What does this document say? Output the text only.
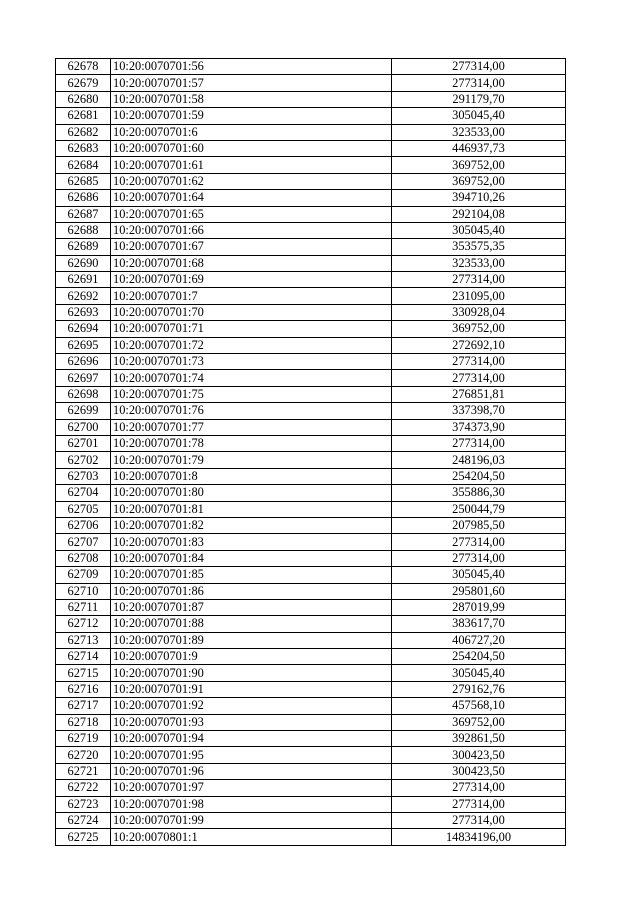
62678	10:20:0070701:56	277314,00
62679	10:20:0070701:57	277314,00
62680	10:20:0070701:58	291179,70
62681	10:20:0070701:59	305045,40
62682	10:20:0070701:6	323533,00
62683	10:20:0070701:60	446937,73
62684	10:20:0070701:61	369752,00
62685	10:20:0070701:62	369752,00
62686	10:20:0070701:64	394710,26
62687	10:20:0070701:65	292104,08
62688	10:20:0070701:66	305045,40
62689	10:20:0070701:67	353575,35
62690	10:20:0070701:68	323533,00
62691	10:20:0070701:69	277314,00
62692	10:20:0070701:7	231095,00
62693	10:20:0070701:70	330928,04
62694	10:20:0070701:71	369752,00
62695	10:20:0070701:72	272692,10
62696	10:20:0070701:73	277314,00
62697	10:20:0070701:74	277314,00
62698	10:20:0070701:75	276851,81
62699	10:20:0070701:76	337398,70
62700	10:20:0070701:77	374373,90
62701	10:20:0070701:78	277314,00
62702	10:20:0070701:79	248196,03
62703	10:20:0070701:8	254204,50
62704	10:20:0070701:80	355886,30
62705	10:20:0070701:81	250044,79
62706	10:20:0070701:82	207985,50
62707	10:20:0070701:83	277314,00
62708	10:20:0070701:84	277314,00
62709	10:20:0070701:85	305045,40
62710	10:20:0070701:86	295801,60
62711	10:20:0070701:87	287019,99
62712	10:20:0070701:88	383617,70
62713	10:20:0070701:89	406727,20
62714	10:20:0070701:9	254204,50
62715	10:20:0070701:90	305045,40
62716	10:20:0070701:91	279162,76
62717	10:20:0070701:92	457568,10
62718	10:20:0070701:93	369752,00
62719	10:20:0070701:94	392861,50
62720	10:20:0070701:95	300423,50
62721	10:20:0070701:96	300423,50
62722	10:20:0070701:97	277314,00
62723	10:20:0070701:98	277314,00
62724	10:20:0070701:99	277314,00
62725	10:20:0070801:1	14834196,00
